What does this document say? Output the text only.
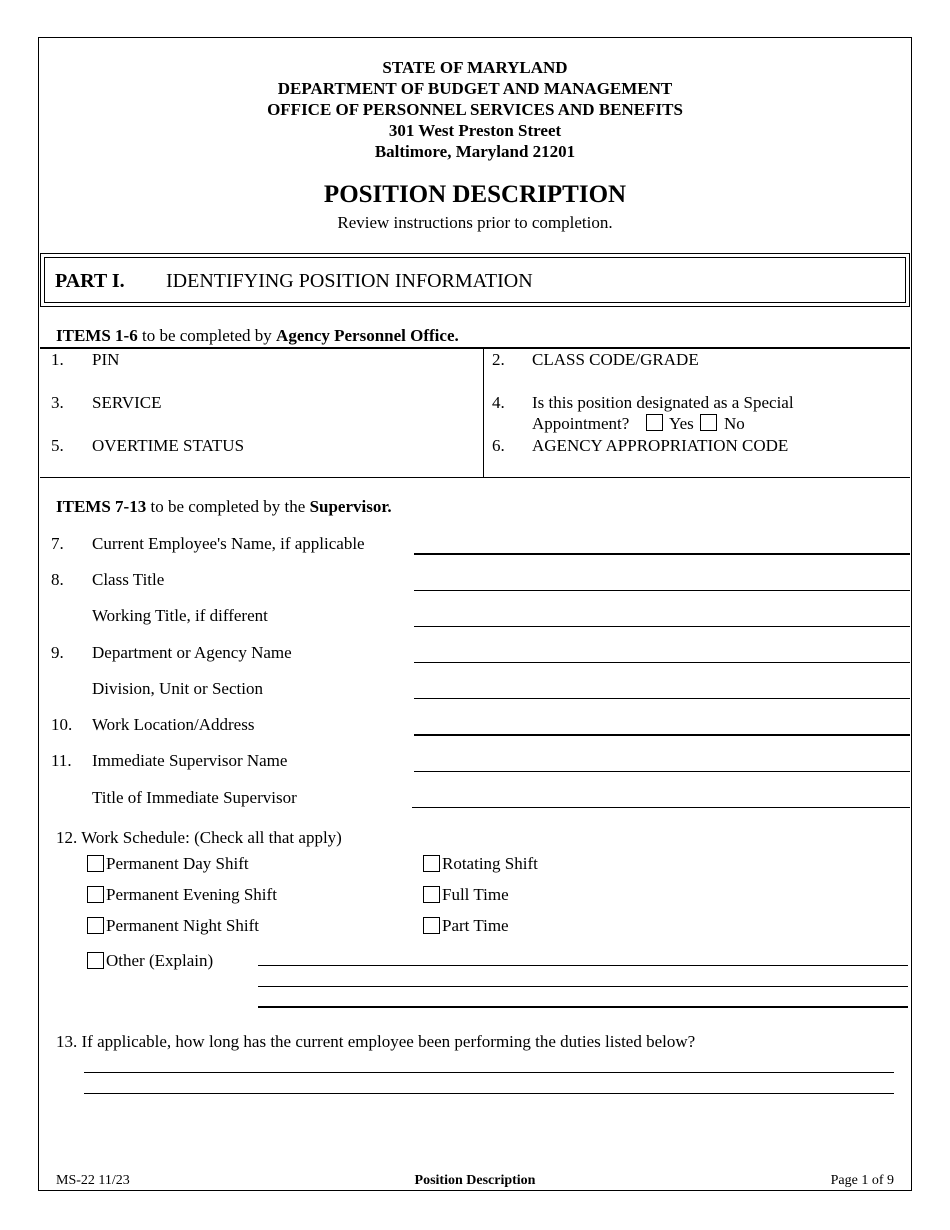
STATE OF MARYLAND
DEPARTMENT OF BUDGET AND MANAGEMENT
OFFICE OF PERSONNEL SERVICES AND BENEFITS
301 West Preston Street
Baltimore, Maryland 21201
POSITION DESCRIPTION
Review instructions prior to completion.
PART I. IDENTIFYING POSITION INFORMATION
ITEMS 1-6 to be completed by Agency Personnel Office.
1. PIN	2. CLASS CODE/GRADE
3. SERVICE	4. Is this position designated as a Special
Appointment? Yes No
5. OVERTIME STATUS	6. AGENCY APPROPRIATION CODE
ITEMS 7-13 to be completed by the Supervisor.
7. Current Employee's Name, if applicable
8. Class Title
Working Title, if different
9. Department or Agency Name
Division, Unit or Section
10. Work Location/Address
11. Immediate Supervisor Name
Title of Immediate Supervisor
12. Work Schedule: (Check all that apply)
Permanent Day Shift	Rotating Shift
Permanent Evening Shift	Full Time
Permanent Night Shift	Part Time
Other (Explain)
13. If applicable, how long has the current employee been performing the duties listed below?
MS-22 11/23	Position Description	Page 1 of 9
